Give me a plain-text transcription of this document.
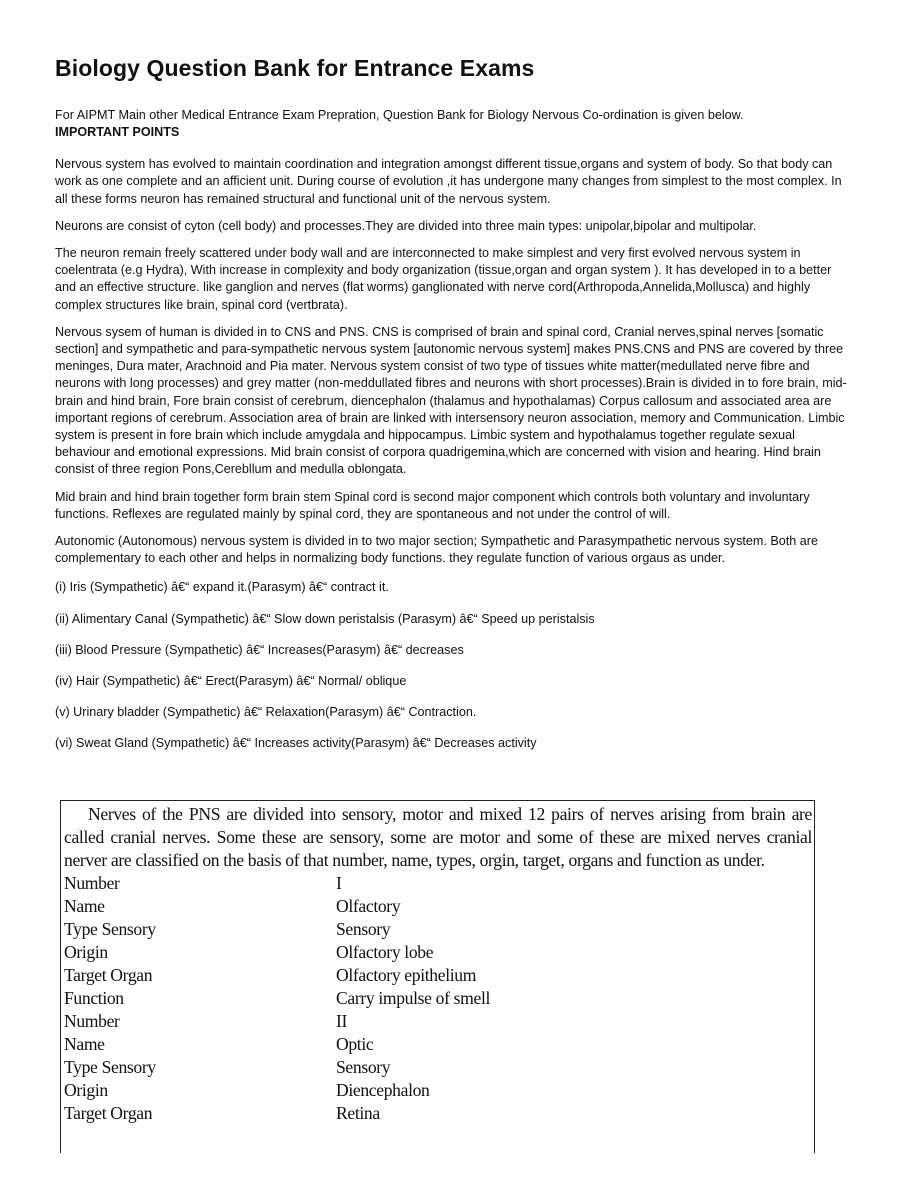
Biology Question Bank for Entrance Exams

For AIPMT Main other Medical Entrance Exam Prepration, Question Bank for Biology Nervous Co-ordination is given below.

IMPORTANT POINTS

Nervous system has evolved to maintain coordination and integration amongst different tissue,organs and system of body. So that body can work as one complete and an afficient unit. During course of evolution ,it has undergone many changes from simplest to the most complex. In all these forms neuron has remained structural and functional unit of the nervous system.

Neurons are consist of cyton (cell body) and processes.They are divided into three main types: unipolar,bipolar and multipolar.

The neuron remain freely scattered under body wall and are interconnected to make simplest and very first evolved nervous system in coelentrata (e.g Hydra), With increase in complexity and body organization (tissue,organ and organ system ). It has developed in to a better and an effective structure. like ganglion and nerves (flat worms) ganglionated with nerve cord(Arthropoda,Annelida,Mollusca) and highly complex structures like brain, spinal cord (vertbrata).

Nervous sysem of human is divided in to CNS and PNS. CNS is comprised of brain and spinal cord, Cranial nerves,spinal nerves [somatic section] and sympathetic and para-sympathetic nervous system [autonomic nervous system] makes PNS.CNS and PNS are covered by three meninges, Dura mater, Arachnoid and Pia mater. Nervous system consist of two type of tissues white matter(medullated nerve fibre and neurons with long processes) and grey matter (non-meddullated fibres and neurons with short processes).Brain is divided in to fore brain, mid-brain and hind brain, Fore brain consist of cerebrum, diencephalon (thalamus and hypothalamas) Corpus callosum and associated area are important regions of cerebrum. Association area of brain are linked with intersensory neuron association, memory and Communication. Limbic system is present in fore brain which include amygdala and hippocampus. Limbic system and hypothalamus together regulate sexual behaviour and emotional expressions. Mid brain consist of corpora quadrigemina,which are concerned with vision and hearing. Hind brain consist of three region Pons,Cerebllum and medulla oblongata.

Mid brain and hind brain together form brain stem Spinal cord is second major component which controls both voluntary and involuntary functions. Reflexes are regulated mainly by spinal cord, they are spontaneous and not under the control of will.

Autonomic (Autonomous) nervous system is divided in to two major section; Sympathetic and Parasympathetic nervous system. Both are complementary to each other and helps in normalizing body functions. they regulate function of various orgaus as under.

(i) Iris (Sympathetic) â€“ expand it.(Parasym) â€“ contract it.

(ii) Alimentary Canal (Sympathetic) â€“ Slow down peristalsis (Parasym) â€“ Speed up peristalsis

(iii) Blood Pressure (Sympathetic) â€“ Increases(Parasym) â€“ decreases

(iv) Hair (Sympathetic) â€“ Erect(Parasym) â€“ Normal/ oblique

(v) Urinary bladder (Sympathetic) â€“ Relaxation(Parasym) â€“ Contraction.

(vi) Sweat Gland (Sympathetic) â€“ Increases activity(Parasym) â€“ Decreases activity

Nerves of the PNS are divided into sensory, motor and mixed 12 pairs of nerves arising from brain are called cranial nerves. Some these are sensory, some are motor and some of these are mixed nerves cranial nerver are classified on the basis of that number, name, types, orgin, target, organs and function as under.

Number	I
Name	Olfactory
Type Sensory	Sensory
Origin	Olfactory lobe
Target Organ	Olfactory epithelium
Function	Carry impulse of smell
Number	II
Name	Optic
Type Sensory	Sensory
Origin	Diencephalon
Target Organ	Retina
